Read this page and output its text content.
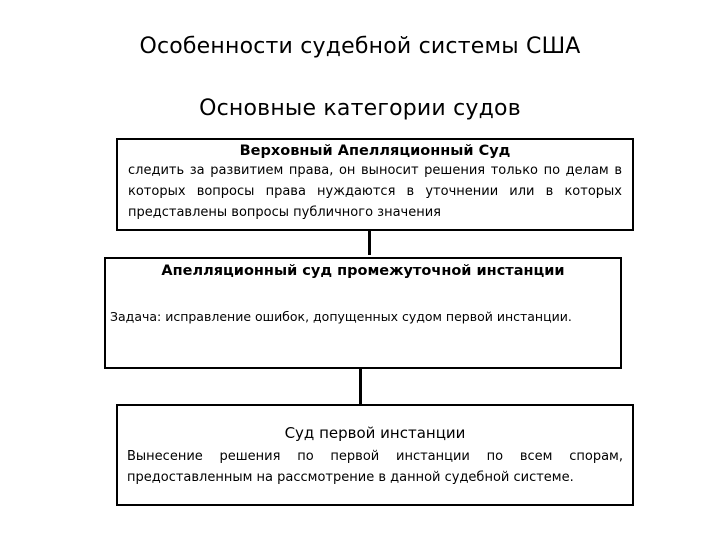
Особенности судебной системы США
Основные категории судов
Верховный Апелляционный Суд
следить за развитием права, он выносит решения только по делам в которых вопросы права нуждаются в уточнении или в которых представлены вопросы публичного значения
Апелляционный суд промежуточной инстанции
Задача: исправление ошибок, допущенных судом первой инстанции.
Суд первой инстанции
Вынесение решения по первой инстанции по всем спорам, предоставленным на рассмотрение в данной судебной системе.
